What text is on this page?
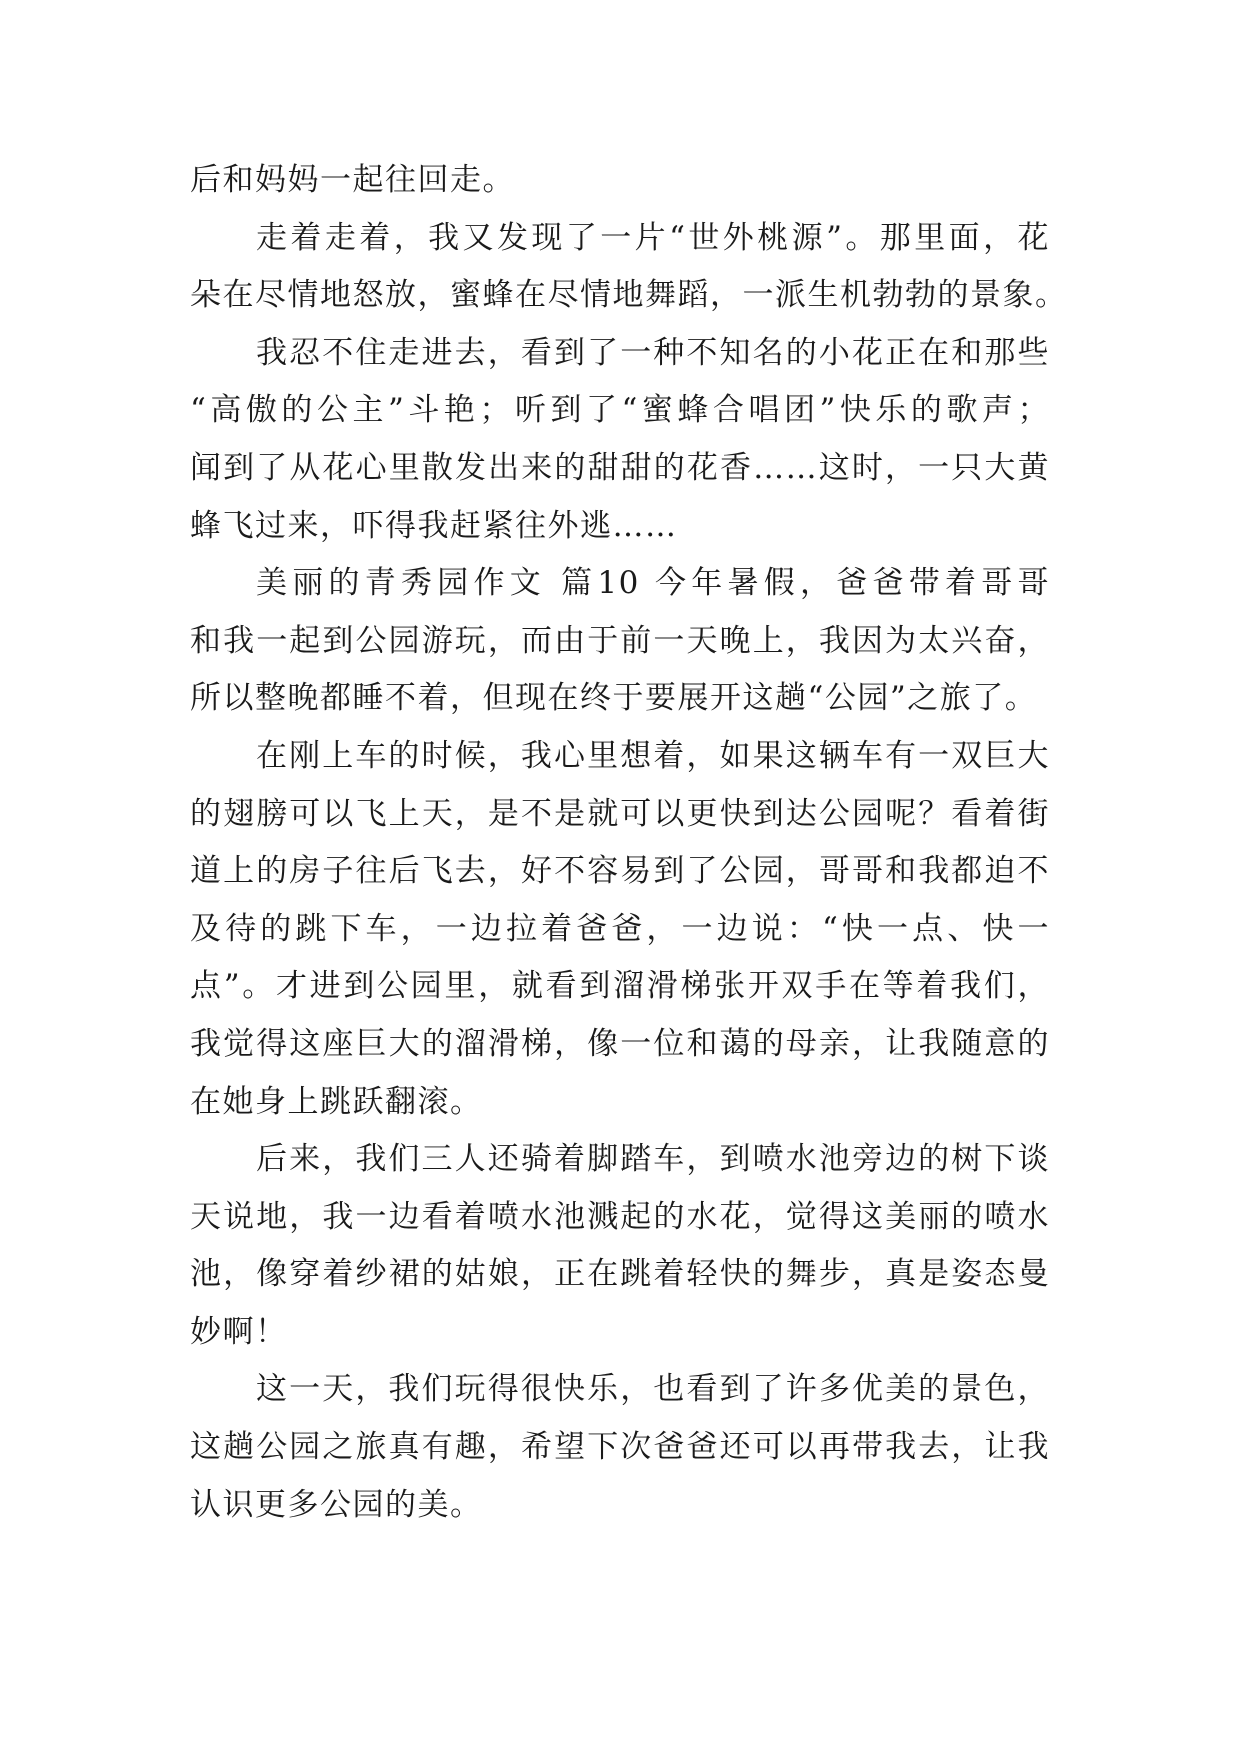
后和妈妈一起往回走。
走着走着，我又发现了一片“世外桃源”。那里面，花
朵在尽情地怒放，蜜蜂在尽情地舞蹈，一派生机勃勃的景象。
我忍不住走进去，看到了一种不知名的小花正在和那些
“高傲的公主”斗艳；听到了“蜜蜂合唱团”快乐的歌声；
闻到了从花心里散发出来的甜甜的花香……这时，一只大黄
蜂飞过来，吓得我赶紧往外逃……
美丽的青秀园作文 篇10 今年暑假，爸爸带着哥哥
和我一起到公园游玩，而由于前一天晚上，我因为太兴奋，
所以整晚都睡不着，但现在终于要展开这趟“公园”之旅了。
在刚上车的时候，我心里想着，如果这辆车有一双巨大
的翅膀可以飞上天，是不是就可以更快到达公园呢？看着街
道上的房子往后飞去，好不容易到了公园，哥哥和我都迫不
及待的跳下车，一边拉着爸爸，一边说：“快一点、快一
点”。才进到公园里，就看到溜滑梯张开双手在等着我们，
我觉得这座巨大的溜滑梯，像一位和蔼的母亲，让我随意的
在她身上跳跃翻滚。
后来，我们三人还骑着脚踏车，到喷水池旁边的树下谈
天说地，我一边看着喷水池溅起的水花，觉得这美丽的喷水
池，像穿着纱裙的姑娘，正在跳着轻快的舞步，真是姿态曼
妙啊！
这一天，我们玩得很快乐，也看到了许多优美的景色，
这趟公园之旅真有趣，希望下次爸爸还可以再带我去，让我
认识更多公园的美。
